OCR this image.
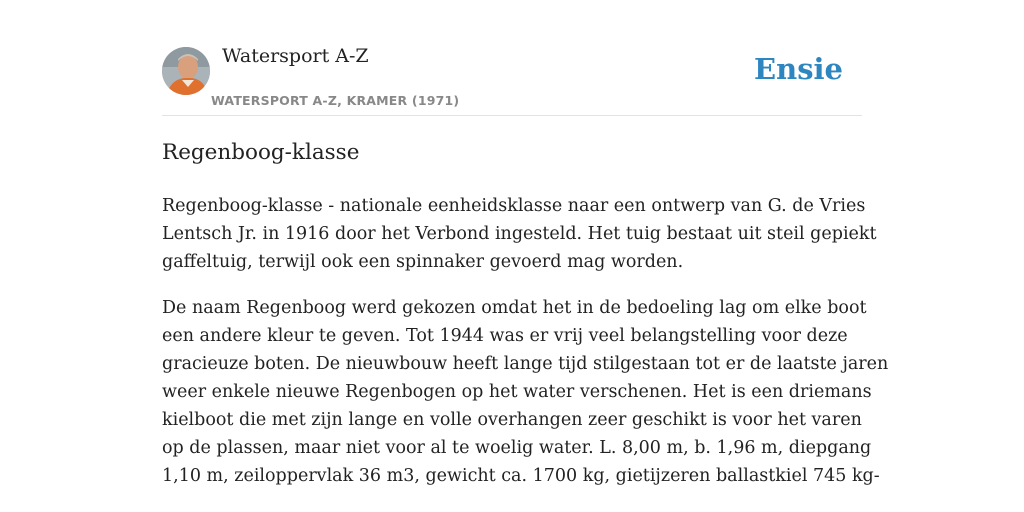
Watersport A-Z
WATERSPORT A-Z, KRAMER (1971)
Ensie
Regenboog-klasse

Regenboog-klasse - nationale eenheidsklasse naar een ontwerp van G. de Vries
Lentsch Jr. in 1916 door het Verbond ingesteld. Het tuig bestaat uit steil gepiekt
gaffeltuig, terwijl ook een spinnaker gevoerd mag worden.

De naam Regenboog werd gekozen omdat het in de bedoeling lag om elke boot
een andere kleur te geven. Tot 1944 was er vrij veel belangstelling voor deze
gracieuze boten. De nieuwbouw heeft lange tijd stilgestaan tot er de laatste jaren
weer enkele nieuwe Regenbogen op het water verschenen. Het is een driemans
kielboot die met zijn lange en volle overhangen zeer geschikt is voor het varen
op de plassen, maar niet voor al te woelig water. L. 8,00 m, b. 1,96 m, diepgang
1,10 m, zeiloppervlak 36 m3, gewicht ca. 1700 kg, gietijzeren ballastkiel 745 kg-
